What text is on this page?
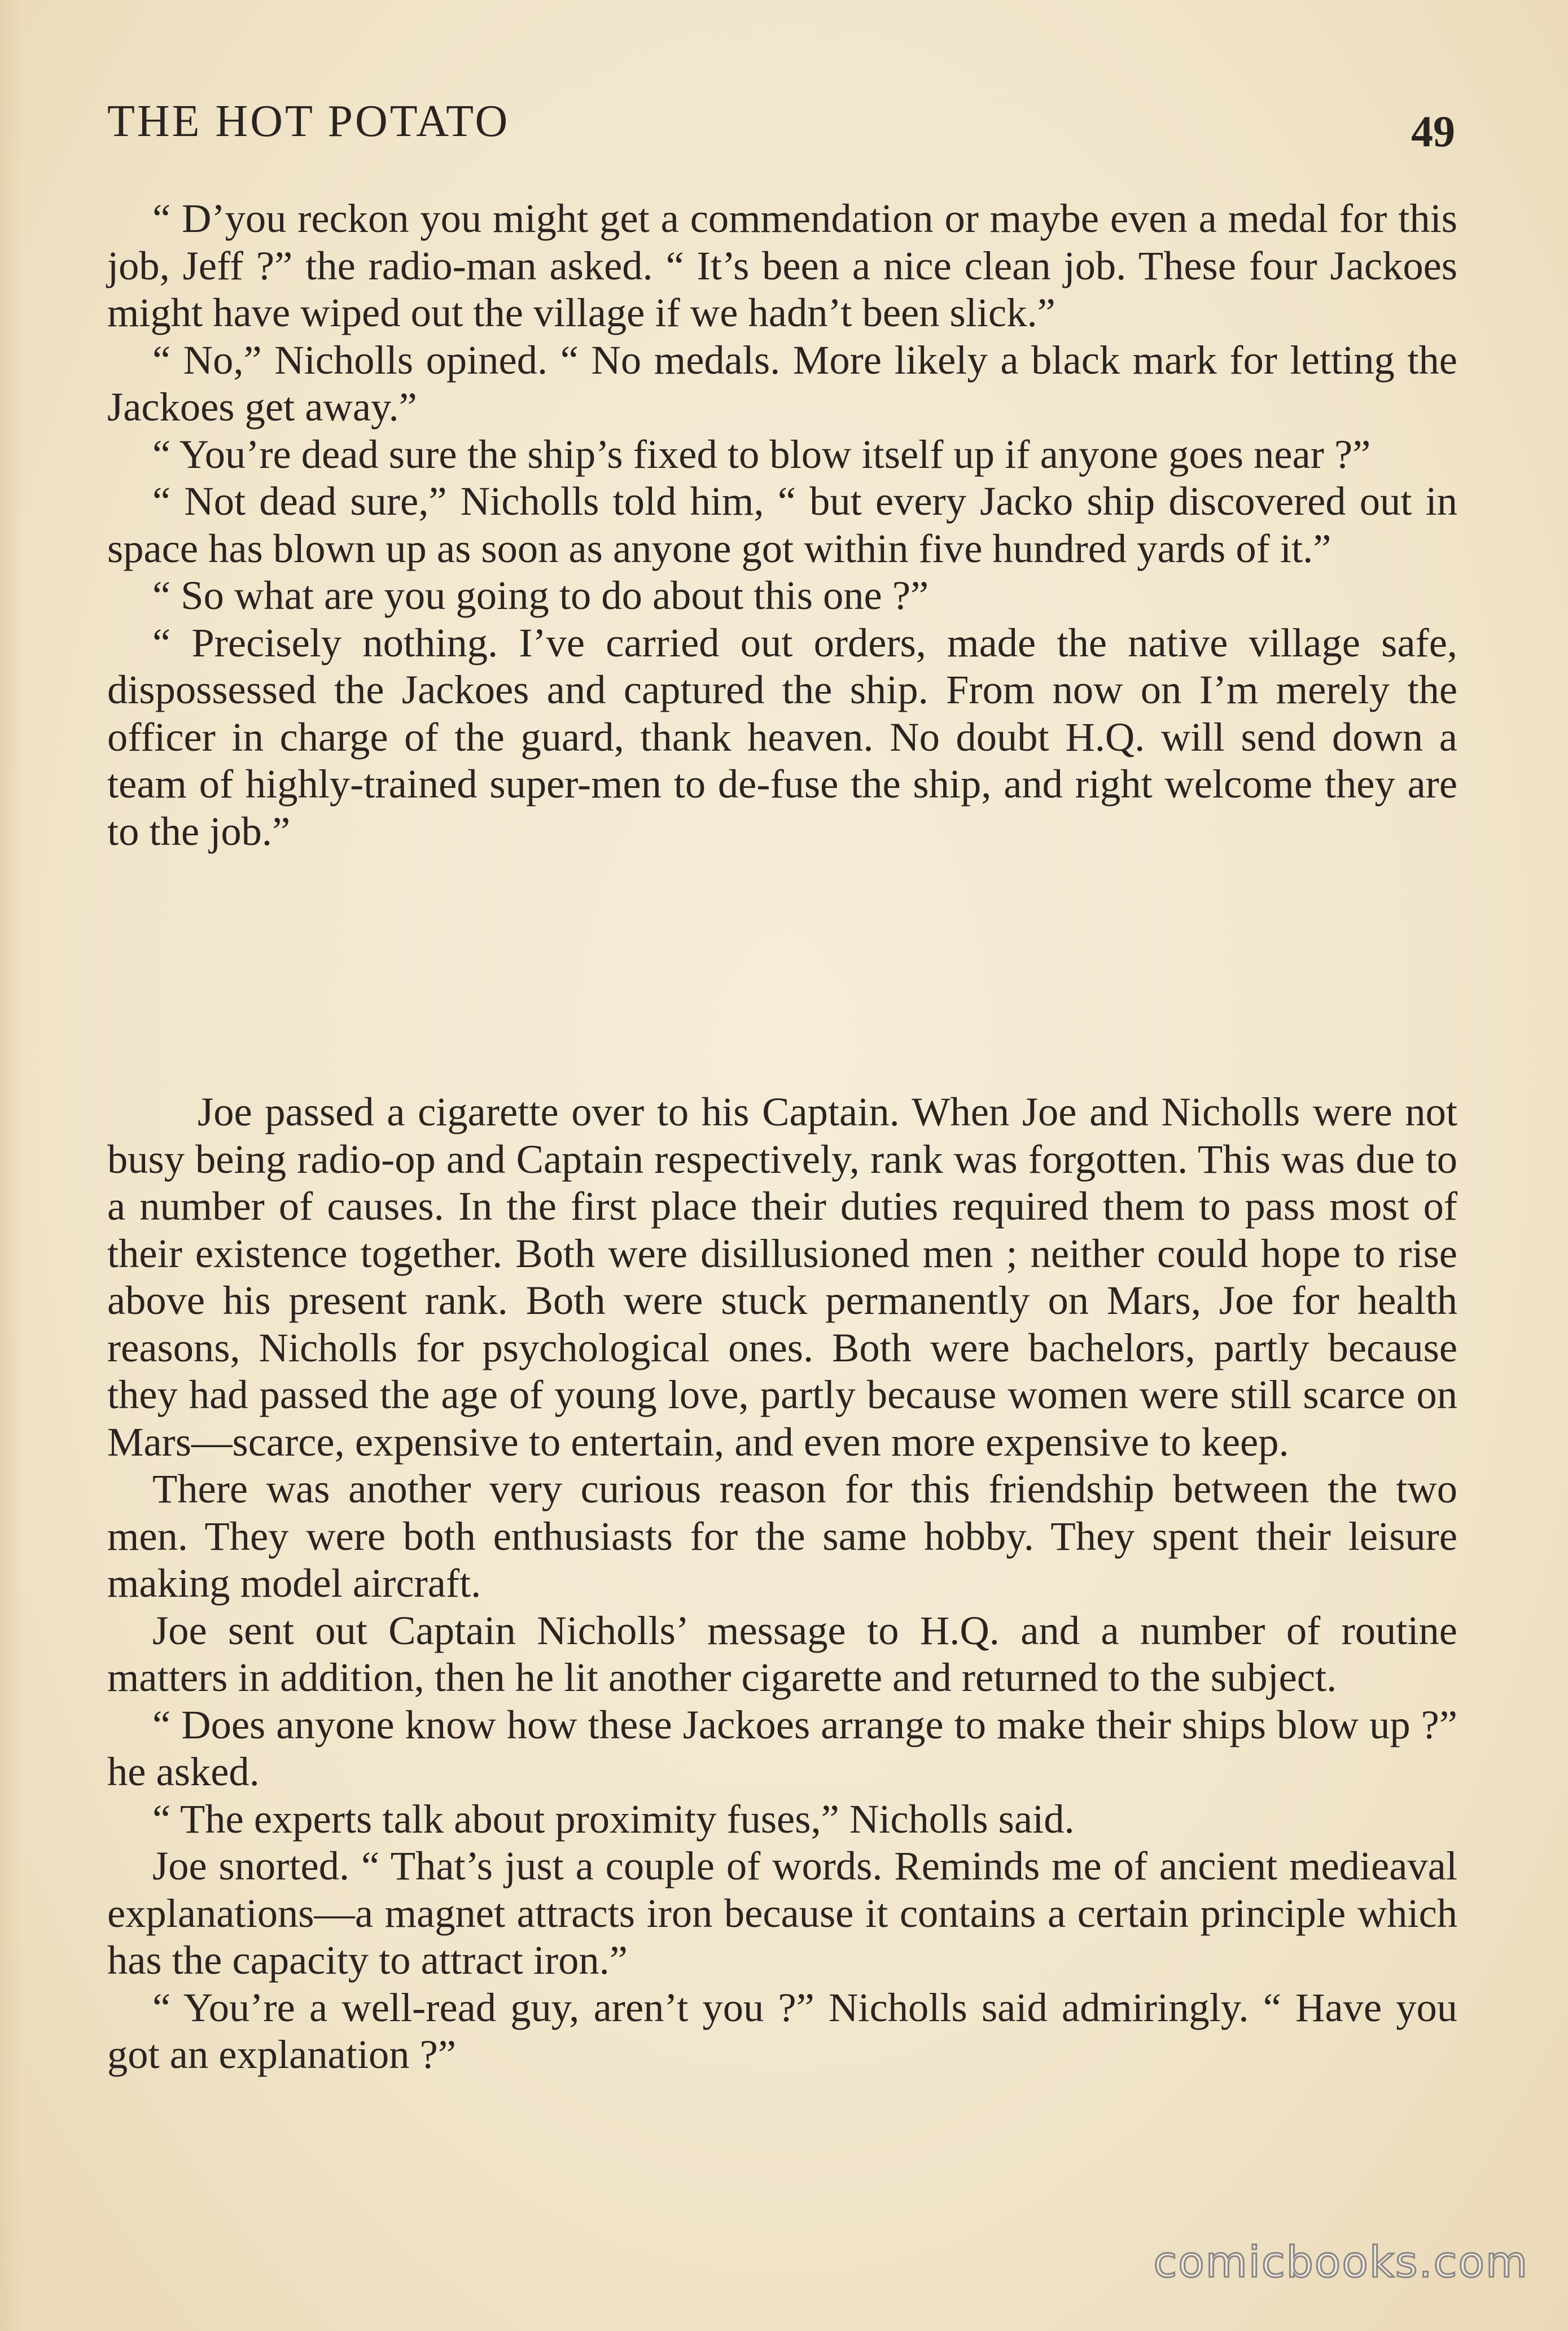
THE HOT POTATO	49

“ D’you reckon you might get a commendation or maybe even a medal for this job, Jeff ?” the radio-man asked. “ It’s been a nice clean job. These four Jackoes might have wiped out the village if we hadn’t been slick.”

“ No,” Nicholls opined. “ No medals. More likely a black mark for letting the Jackoes get away.”

“ You’re dead sure the ship’s fixed to blow itself up if anyone goes near ?”

“ Not dead sure,” Nicholls told him, “ but every Jacko ship discovered out in space has blown up as soon as anyone got within five hundred yards of it.”

“ So what are you going to do about this one ?”

“ Precisely nothing. I’ve carried out orders, made the native village safe, dispossessed the Jackoes and captured the ship. From now on I’m merely the officer in charge of the guard, thank heaven. No doubt H.Q. will send down a team of highly-trained super-men to de-fuse the ship, and right welcome they are to the job.”

Joe passed a cigarette over to his Captain. When Joe and Nicholls were not busy being radio-op and Captain respectively, rank was forgotten. This was due to a number of causes. In the first place their duties required them to pass most of their existence together. Both were disillusioned men ; neither could hope to rise above his present rank. Both were stuck permanently on Mars, Joe for health reasons, Nicholls for psychological ones. Both were bachelors, partly because they had passed the age of young love, partly because women were still scarce on Mars—scarce, expensive to entertain, and even more expensive to keep.

There was another very curious reason for this friendship between the two men. They were both enthusiasts for the same hobby. They spent their leisure making model aircraft.

Joe sent out Captain Nicholls’ message to H.Q. and a number of routine matters in addition, then he lit another cigarette and returned to the subject.

“ Does anyone know how these Jackoes arrange to make their ships blow up ?” he asked.

“ The experts talk about proximity fuses,” Nicholls said.

Joe snorted. “ That’s just a couple of words. Reminds me of ancient medieaval explanations—a magnet attracts iron because it contains a certain principle which has the capacity to attract iron.”

“ You’re a well-read guy, aren’t you ?” Nicholls said admiringly. “ Have you got an explanation ?”

comicbooks.com
